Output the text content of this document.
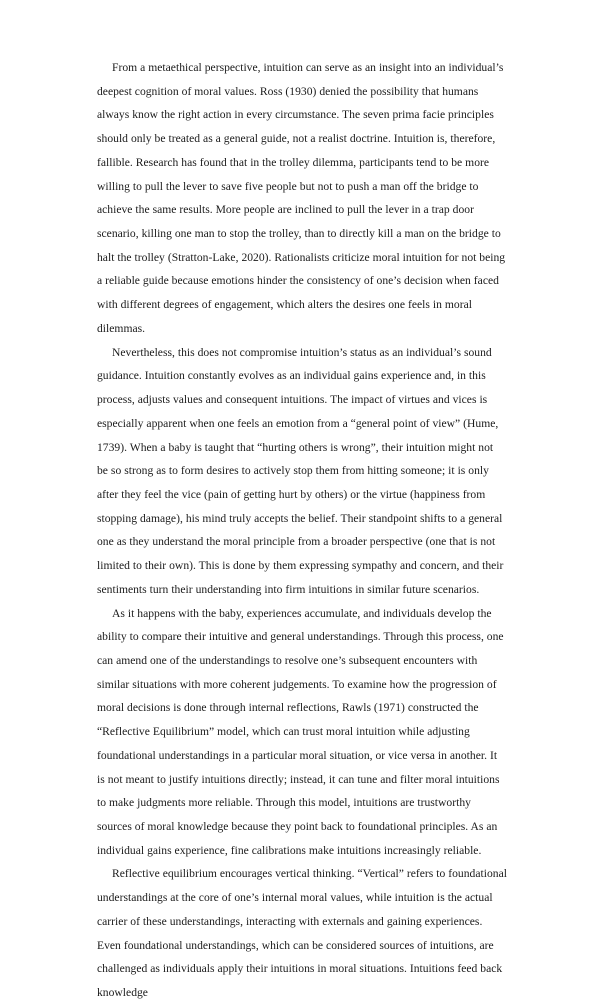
From a metaethical perspective, intuition can serve as an insight into an individual’s deepest cognition of moral values. Ross (1930) denied the possibility that humans always know the right action in every circumstance. The seven prima facie principles should only be treated as a general guide, not a realist doctrine. Intuition is, therefore, fallible. Research has found that in the trolley dilemma, participants tend to be more willing to pull the lever to save five people but not to push a man off the bridge to achieve the same results. More people are inclined to pull the lever in a trap door scenario, killing one man to stop the trolley, than to directly kill a man on the bridge to halt the trolley (Stratton-Lake, 2020). Rationalists criticize moral intuition for not being a reliable guide because emotions hinder the consistency of one’s decision when faced with different degrees of engagement, which alters the desires one feels in moral dilemmas.

Nevertheless, this does not compromise intuition’s status as an individual’s sound guidance. Intuition constantly evolves as an individual gains experience and, in this process, adjusts values and consequent intuitions. The impact of virtues and vices is especially apparent when one feels an emotion from a “general point of view” (Hume, 1739). When a baby is taught that “hurting others is wrong”, their intuition might not be so strong as to form desires to actively stop them from hitting someone; it is only after they feel the vice (pain of getting hurt by others) or the virtue (happiness from stopping damage), his mind truly accepts the belief. Their standpoint shifts to a general one as they understand the moral principle from a broader perspective (one that is not limited to their own). This is done by them expressing sympathy and concern, and their sentiments turn their understanding into firm intuitions in similar future scenarios.

As it happens with the baby, experiences accumulate, and individuals develop the ability to compare their intuitive and general understandings. Through this process, one can amend one of the understandings to resolve one’s subsequent encounters with similar situations with more coherent judgements. To examine how the progression of moral decisions is done through internal reflections, Rawls (1971) constructed the “Reflective Equilibrium” model, which can trust moral intuition while adjusting foundational understandings in a particular moral situation, or vice versa in another. It is not meant to justify intuitions directly; instead, it can tune and filter moral intuitions to make judgments more reliable. Through this model, intuitions are trustworthy sources of moral knowledge because they point back to foundational principles. As an individual gains experience, fine calibrations make intuitions increasingly reliable.

Reflective equilibrium encourages vertical thinking. “Vertical” refers to foundational understandings at the core of one’s internal moral values, while intuition is the actual carrier of these understandings, interacting with externals and gaining experiences. Even foundational understandings, which can be considered sources of intuitions, are challenged as individuals apply their intuitions in moral situations. Intuitions feed back knowledge
